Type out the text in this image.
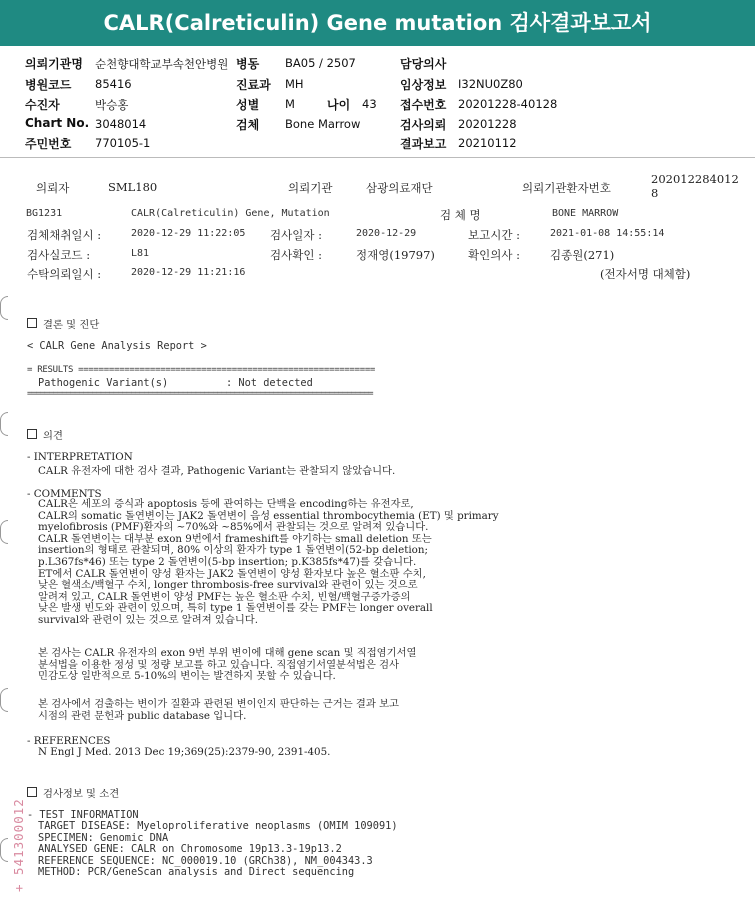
CALR(Calreticulin) Gene mutation 검사결과보고서
의뢰기관명 순천향대학교부속천안병원 병동 BA05 / 2507	담당의사
병원코드 85416	진료과 MH	임상정보 I32NU0Z80
수진자	박승홍	성별 M	나이 43 접수번호 20201228-40128
Chart No. 3048014	검체 Bone Marrow	검사의뢰 20201228
주민번호 770105-1	결과보고 20210112
의뢰자	SML180	의뢰기관	삼광의료재단	의뢰기관환자번호
202012284012
8
BG1231	CALR(Calreticulin) Gene, Mutation	검 체 명	BONE MARROW
검체채취일시 :	2020-12-29 11:22:05 검사일자 :	2020-12-29	보고시간 :	2021-01-08 14:55:14
검사실코드 :	L81	검사확인 :	정재영(19797)	확인의사 :	김종원(271)
수탁의뢰일시 :	2020-12-29 11:21:16	(전자서명 대체함)
결론 및 진단
< CALR Gene Analysis Report >
= RESULTS ==========================================================
Pathogenic Variant(s)	: Not detected
================================================================================
의견
- INTERPRETATION
CALR 유전자에 대한 검사 결과, Pathogenic Variant는 관찰되지 않았습니다.
- COMMENTS
CALR은 세포의 증식과 apoptosis 등에 관여하는 단백을 encoding하는 유전자로,
CALR의 somatic 돌연변이는 JAK2 돌연변이 음성 essential thrombocythemia (ET) 및 primary
myelofibrosis (PMF)환자의 ~70%와 ~85%에서 관찰되는 것으로 알려져 있습니다.
CALR 돌연변이는 대부분 exon 9번에서 frameshift를 야기하는 small deletion 또는
insertion의 형태로 관찰되며, 80% 이상의 환자가 type 1 돌연변이(52-bp deletion;
p.L367fs*46) 또는 type 2 돌연변이(5-bp insertion; p.K385fs*47)를 갖습니다.
ET에서 CALR 돌연변이 양성 환자는 JAK2 돌연변이 양성 환자보다 높은 혈소판 수치,
낮은 혈색소/백혈구 수치, longer thrombosis-free survival와 관련이 있는 것으로
알려져 있고, CALR 돌연변이 양성 PMF는 높은 혈소판 수치, 빈혈/백혈구증가증의
낮은 발생 빈도와 관련이 있으며, 특히 type 1 돌연변이를 갖는 PMF는 longer overall
survival와 관련이 있는 것으로 알려져 있습니다.
본 검사는 CALR 유전자의 exon 9번 부위 변이에 대해 gene scan 및 직접염기서열
분석법을 이용한 정성 및 정량 보고를 하고 있습니다. 직접염기서열분석법은 검사
민감도상 일반적으로 5-10%의 변이는 발견하지 못할 수 있습니다.
본 검사에서 검출하는 변이가 질환과 관련된 변이인지 판단하는 근거는 결과 보고
시점의 관련 문헌과 public database 입니다.
- REFERENCES
N Engl J Med. 2013 Dec 19;369(25):2379-90, 2391-405.
검사정보 및 소견
- TEST INFORMATION
TARGET DISEASE: Myeloproliferative neoplasms (OMIM 109091)
SPECIMEN: Genomic DNA
ANALYSED GENE: CALR on Chromosome 19p13.3-19p13.2
REFERENCE SEQUENCE: NC_000019.10 (GRCh38), NM_004343.3
METHOD: PCR/GeneScan analysis and Direct sequencing
+ 541300012
